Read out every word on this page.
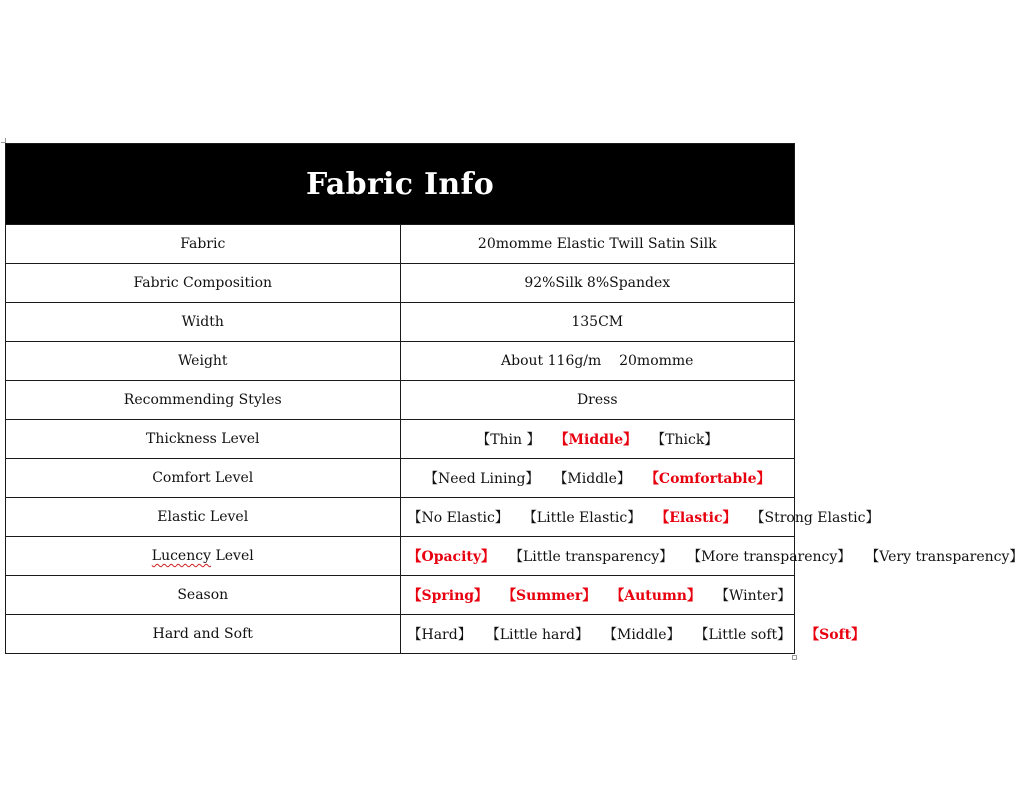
Fabric Info	
Fabric	20momme Elastic Twill Satin Silk
Fabric Composition	92%Silk 8%Spandex
Width	135CM
Weight	About 116g/m    20momme
Recommending Styles	Dress
Thickness Level	【Thin 】 【Middle】 【Thick】
Comfort Level	【Need Lining】 【Middle】 【Comfortable】
Elastic Level	【No Elastic】 【Little Elastic】 【Elastic】 【Strong Elastic】
Lucency Level	【Opacity】 【Little transparency】 【More transparency】 【Very transparency】
Season	【Spring】 【Summer】 【Autumn】 【Winter】
Hard and Soft	【Hard】 【Little hard】 【Middle】 【Little soft】 【Soft】
